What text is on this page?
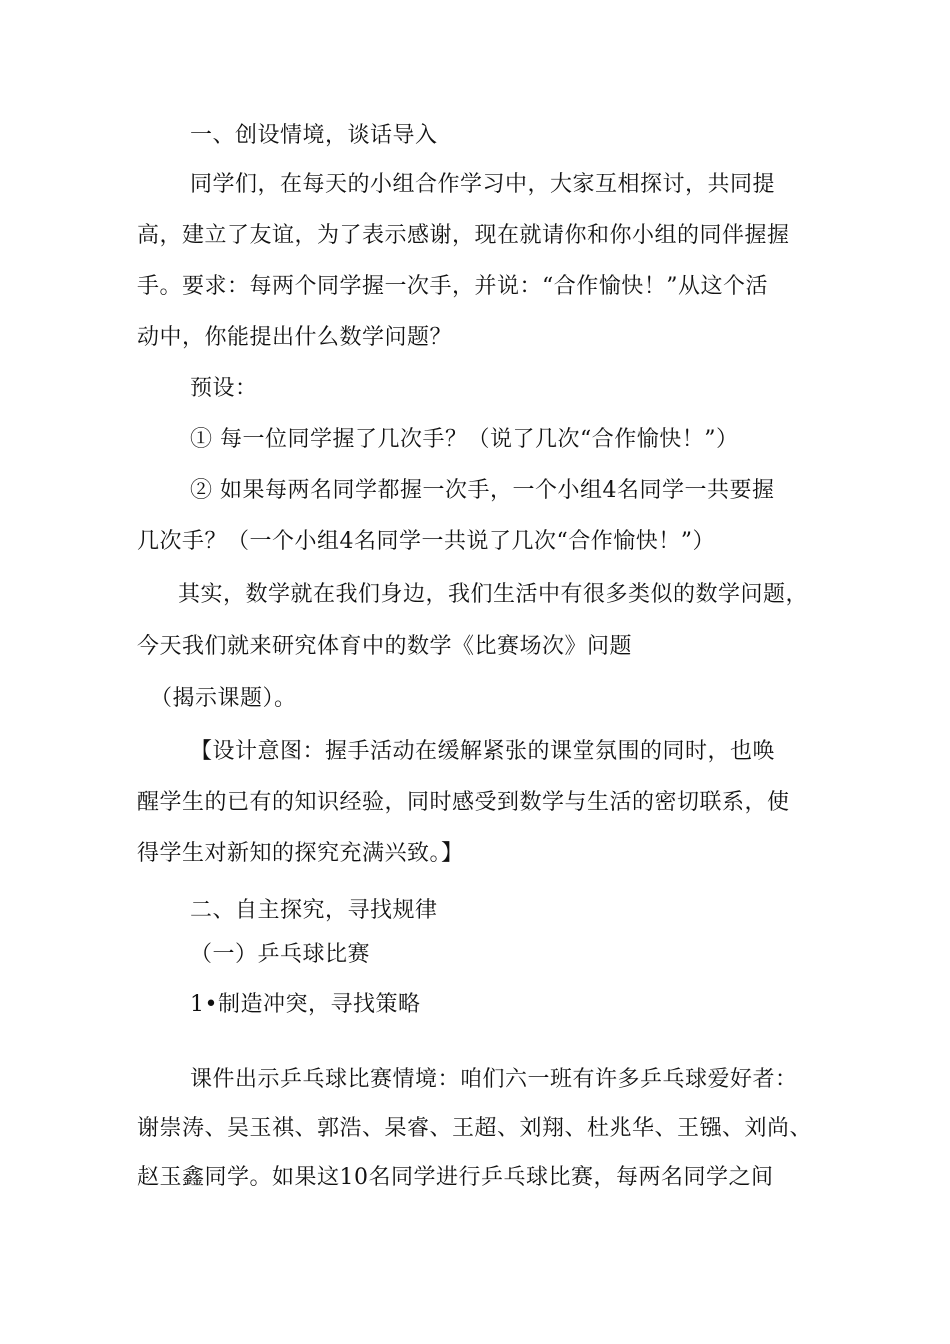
一、创设情境，谈话导入
同学们，在每天的小组合作学习中，大家互相探讨，共同提
高，建立了友谊，为了表示感谢，现在就请你和你小组的同伴握握
手。要求：每两个同学握一次手，并说：“合作愉快！”从这个活
动中，你能提出什么数学问题？
预设：
① 每一位同学握了几次手？（说了几次“合作愉快！”）
② 如果每两名同学都握一次手，一个小组4名同学一共要握
几次手？（一个小组4名同学一共说了几次“合作愉快！”）
其实，数学就在我们身边，我们生活中有很多类似的数学问题，
今天我们就来研究体育中的数学《比赛场次》问题
（揭示课题）。
【设计意图：握手活动在缓解紧张的课堂氛围的同时，也唤
醒学生的已有的知识经验，同时感受到数学与生活的密切联系，使
得学生对新知的探究充满兴致。】
二、自主探究，寻找规律
（一）乒乓球比赛
1•制造冲突，寻找策略
课件出示乒乓球比赛情境：咱们六一班有许多乒乓球爱好者：
谢崇涛、吴玉祺、郭浩、杲睿、王超、刘翔、杜兆华、王镪、刘尚、
赵玉鑫同学。如果这10名同学进行乒乓球比赛，每两名同学之间
